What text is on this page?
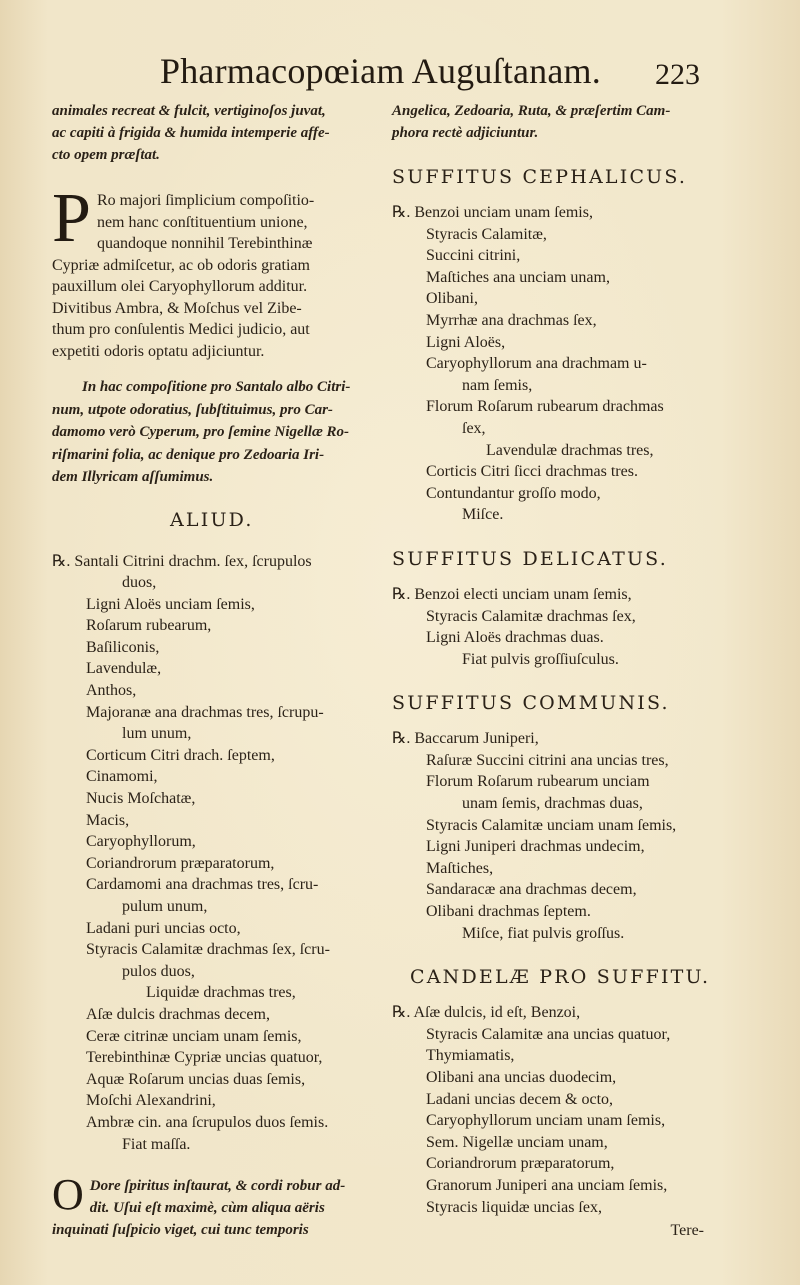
Pharmacopœiam Auguſtanam. 223
animales recreat & fulcit, vertiginoſos juvat,
ac capiti à frigida & humida intemperie affe-
cto opem præſtat.
P Ro majori ſimplicium compoſitio-
nem hanc conſtituentium unione,
quandoque nonnihil Terebinthinæ
Cypriæ admiſcetur, ac ob odoris gratiam
pauxillum olei Caryophyllorum additur.
Divitibus Ambra, & Moſchus vel Zibe-
thum pro conſulentis Medici judicio, aut
expetiti odoris optatu adjiciuntur.
In hac compoſitione pro Santalo albo Citri-
num, utpote odoratius, ſubſtituimus, pro Car-
damomo verò Cyperum, pro ſemine Nigellæ Ro-
riſmarini folia, ac denique pro Zedoaria Iri-
dem Illyricam aſſumimus.
ALIUD.
℞. Santali Citrini drachm. ſex, ſcrupulos
duos,
Ligni Aloës unciam ſemis,
Roſarum rubearum,
Baſiliconis,
Lavendulæ,
Anthos,
Majoranæ ana drachmas tres, ſcrupu-
lum unum,
Corticum Citri drach. ſeptem,
Cinamomi,
Nucis Moſchatæ,
Macis,
Caryophyllorum,
Coriandrorum præparatorum,
Cardamomi ana drachmas tres, ſcru-
pulum unum,
Ladani puri uncias octo,
Styracis Calamitæ drachmas ſex, ſcru-
pulos duos,
Liquidæ drachmas tres,
Aſæ dulcis drachmas decem,
Ceræ citrinæ unciam unam ſemis,
Terebinthinæ Cypriæ uncias quatuor,
Aquæ Roſarum uncias duas ſemis,
Moſchi Alexandrini,
Ambræ cin. ana ſcrupulos duos ſemis.
Fiat maſſa.
O Dore ſpiritus inſtaurat, & cordi robur ad-
dit. Uſui eſt maximè, cùm aliqua aëris
inquinati ſuſpicio viget, cui tunc temporis
Angelica, Zedoaria, Ruta, & præſertim Cam-
phora rectè adjiciuntur.
SUFFITUS CEPHALICUS.
℞. Benzoi unciam unam ſemis,
Styracis Calamitæ,
Succini citrini,
Maſtiches ana unciam unam,
Olibani,
Myrrhæ ana drachmas ſex,
Ligni Aloës,
Caryophyllorum ana drachmam u-
nam ſemis,
Florum Roſarum rubearum drachmas
ſex,
Lavendulæ drachmas tres,
Corticis Citri ſicci drachmas tres.
Contundantur groſſo modo,
Miſce.
SUFFITUS DELICATUS.
℞. Benzoi electi unciam unam ſemis,
Styracis Calamitæ drachmas ſex,
Ligni Aloës drachmas duas.
Fiat pulvis groſſiuſculus.
SUFFITUS COMMUNIS.
℞. Baccarum Juniperi,
Raſuræ Succini citrini ana uncias tres,
Florum Roſarum rubearum unciam
unam ſemis, drachmas duas,
Styracis Calamitæ unciam unam ſemis,
Ligni Juniperi drachmas undecim,
Maſtiches,
Sandaracæ ana drachmas decem,
Olibani drachmas ſeptem.
Miſce, fiat pulvis groſſus.
CANDELÆ PRO SUFFITU.
℞. Aſæ dulcis, id eſt, Benzoi,
Styracis Calamitæ ana uncias quatuor,
Thymiamatis,
Olibani ana uncias duodecim,
Ladani uncias decem & octo,
Caryophyllorum unciam unam ſemis,
Sem. Nigellæ unciam unam,
Coriandrorum præparatorum,
Granorum Juniperi ana unciam ſemis,
Styracis liquidæ uncias ſex,
Tere-
